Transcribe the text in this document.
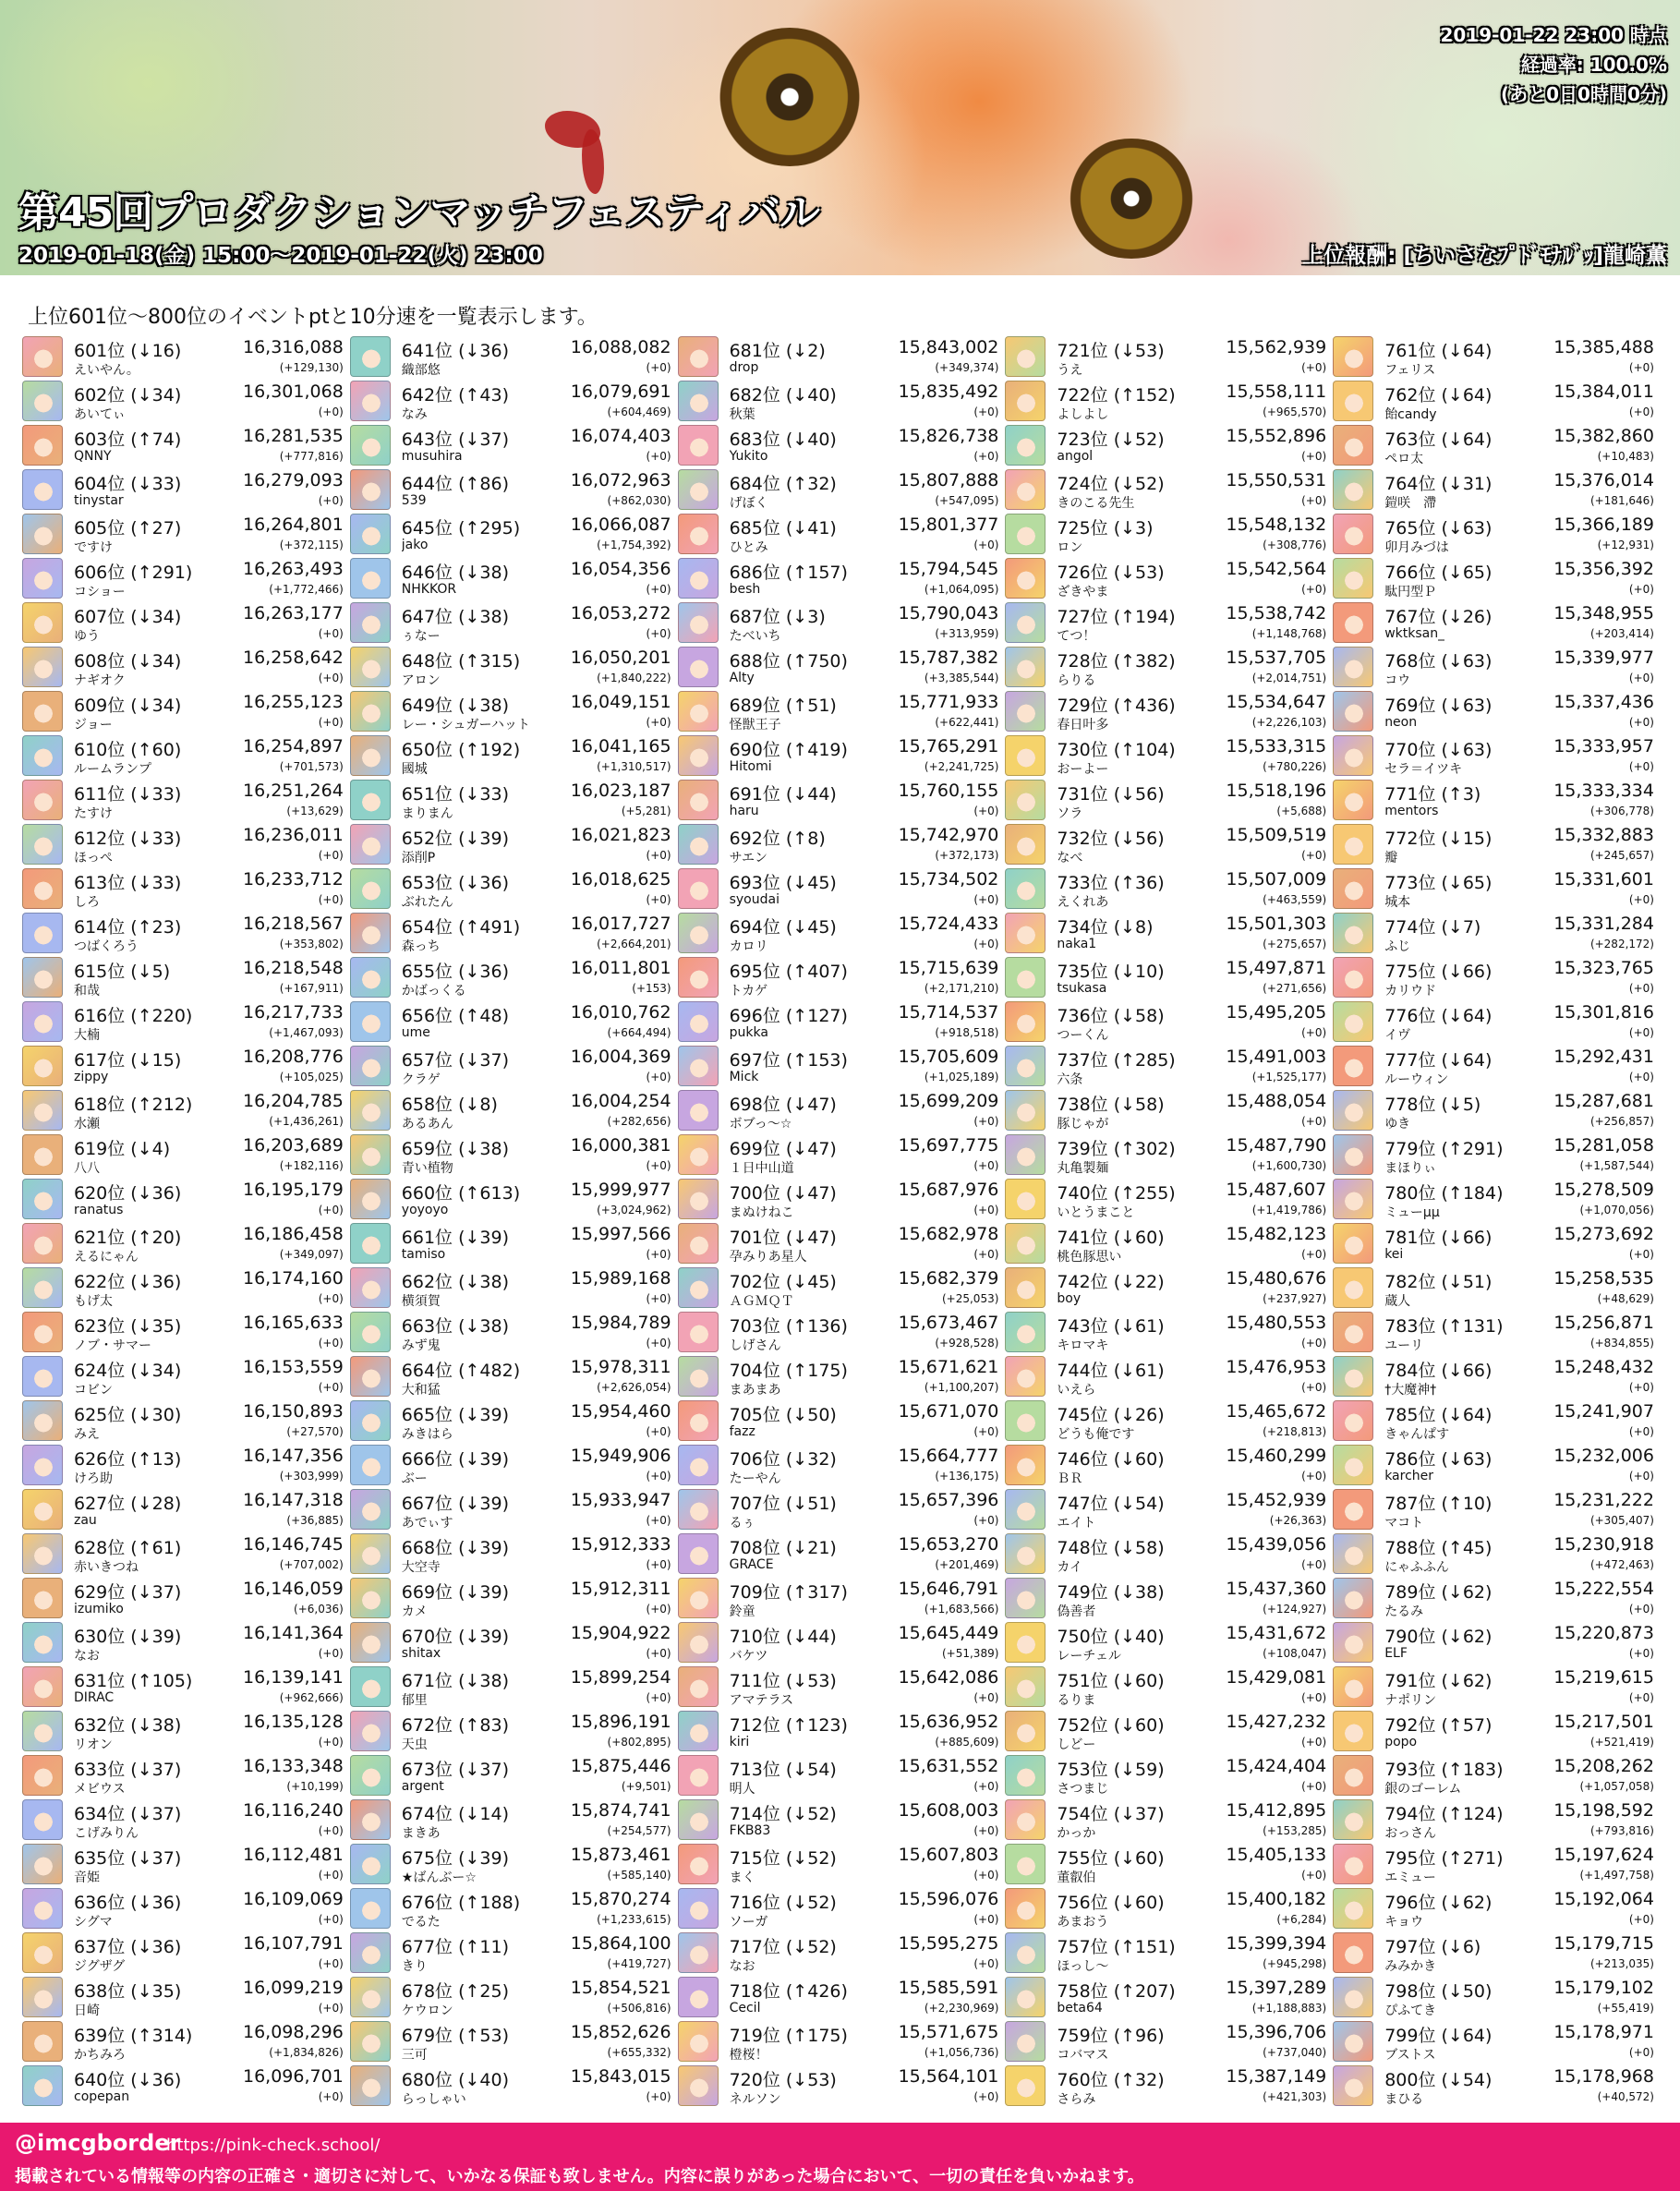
2019-01-22 23:00 時点
経過率: 100.0%
(あと0日0時間0分)
第45回プロダクションマッチフェスティバル
2019-01-18(金) 15:00～2019-01-22(火) 23:00	上位報酬: [ちいさなﾌﾟﾄﾞﾓﾅﾙﾞｯ]龍崎薫
上位601位～800位のイベントptと10分速を一覧表示します。
601位 (↓16)	16,316,088
えいやん。	(+129,130)
602位 (↓34)	16,301,068
あいてぃ	(+0)
603位 (↑74)	16,281,535
QNNY	(+777,816)
604位 (↓33)	16,279,093
tinystar	(+0)
605位 (↑27)	16,264,801
ですけ	(+372,115)
606位 (↑291)	16,263,493
コショー	(+1,772,466)
607位 (↓34)	16,263,177
ゆう	(+0)
608位 (↓34)	16,258,642
ナギオク	(+0)
609位 (↓34)	16,255,123
ジョー	(+0)
610位 (↑60)	16,254,897
ルームランプ	(+701,573)
611位 (↓33)	16,251,264
たすけ	(+13,629)
612位 (↓33)	16,236,011
ほっぺ	(+0)
613位 (↓33)	16,233,712
しろ	(+0)
614位 (↑23)	16,218,567
つばくろう	(+353,802)
615位 (↓5)	16,218,548
和哉	(+167,911)
616位 (↑220)	16,217,733
大楠	(+1,467,093)
617位 (↓15)	16,208,776
zippy	(+105,025)
618位 (↑212)	16,204,785
水瀬	(+1,436,261)
619位 (↓4)	16,203,689
八八	(+182,116)
620位 (↓36)	16,195,179
ranatus	(+0)
621位 (↑20)	16,186,458
えるにゃん	(+349,097)
622位 (↓36)	16,174,160
もげ太	(+0)
623位 (↓35)	16,165,633
ノブ・サマー	(+0)
624位 (↓34)	16,153,559
コビン	(+0)
625位 (↓30)	16,150,893
みえ	(+27,570)
626位 (↑13)	16,147,356
けろ助	(+303,999)
627位 (↓28)	16,147,318
zau	(+36,885)
628位 (↑61)	16,146,745
赤いきつね	(+707,002)
629位 (↓37)	16,146,059
izumiko	(+6,036)
630位 (↓39)	16,141,364
なお	(+0)
631位 (↑105)	16,139,141
DIRAC	(+962,666)
632位 (↓38)	16,135,128
リオン	(+0)
633位 (↓37)	16,133,348
メビウス	(+10,199)
634位 (↓37)	16,116,240
こげみりん	(+0)
635位 (↓37)	16,112,481
音姫	(+0)
636位 (↓36)	16,109,069
シグマ	(+0)
637位 (↓36)	16,107,791
ジグザグ	(+0)
638位 (↓35)	16,099,219
日崎	(+0)
639位 (↑314)	16,098,296
かちみろ	(+1,834,826)
640位 (↓36)	16,096,701
copepan	(+0)
641位 (↓36)	16,088,082
織部悠	(+0)
642位 (↑43)	16,079,691
なみ	(+604,469)
643位 (↓37)	16,074,403
musuhira	(+0)
644位 (↑86)	16,072,963
539	(+862,030)
645位 (↑295)	16,066,087
jako	(+1,754,392)
646位 (↓38)	16,054,356
NHKKOR	(+0)
647位 (↓38)	16,053,272
ぅなー	(+0)
648位 (↑315)	16,050,201
アロン	(+1,840,222)
649位 (↓38)	16,049,151
レー・シュガーハット	(+0)
650位 (↑192)	16,041,165
國城	(+1,310,517)
651位 (↓33)	16,023,187
まりまん	(+5,281)
652位 (↓39)	16,021,823
添削P	(+0)
653位 (↓36)	16,018,625
ぶれたん	(+0)
654位 (↑491)	16,017,727
森っち	(+2,664,201)
655位 (↓36)	16,011,801
かばっくる	(+153)
656位 (↑48)	16,010,762
ume	(+664,494)
657位 (↓37)	16,004,369
クラゲ	(+0)
658位 (↓8)	16,004,254
あるあん	(+282,656)
659位 (↓38)	16,000,381
青い植物	(+0)
660位 (↑613)	15,999,977
yoyoyo	(+3,024,962)
661位 (↓39)	15,997,566
tamiso	(+0)
662位 (↓38)	15,989,168
横須賀	(+0)
663位 (↓38)	15,984,789
みず鬼	(+0)
664位 (↑482)	15,978,311
大和猛	(+2,626,054)
665位 (↓39)	15,954,460
みきはら	(+0)
666位 (↓39)	15,949,906
ぶー	(+0)
667位 (↓39)	15,933,947
あでぃす	(+0)
668位 (↓39)	15,912,333
大空寺	(+0)
669位 (↓39)	15,912,311
カメ	(+0)
670位 (↓39)	15,904,922
shitax	(+0)
671位 (↓38)	15,899,254
郁里	(+0)
672位 (↑83)	15,896,191
天虫	(+802,895)
673位 (↓37)	15,875,446
argent	(+9,501)
674位 (↓14)	15,874,741
まきあ	(+254,577)
675位 (↓39)	15,873,461
★ばんぶー☆	(+585,140)
676位 (↑188)	15,870,274
でるた	(+1,233,615)
677位 (↑11)	15,864,100
きり	(+419,727)
678位 (↑25)	15,854,521
ケウロン	(+506,816)
679位 (↑53)	15,852,626
三可	(+655,332)
680位 (↓40)	15,843,015
らっしゃい	(+0)
681位 (↓2)	15,843,002
drop	(+349,374)
682位 (↓40)	15,835,492
秋葉	(+0)
683位 (↓40)	15,826,738
Yukito	(+0)
684位 (↑32)	15,807,888
げぼく	(+547,095)
685位 (↓41)	15,801,377
ひとみ	(+0)
686位 (↑157)	15,794,545
besh	(+1,064,095)
687位 (↓3)	15,790,043
たべいち	(+313,959)
688位 (↑750)	15,787,382
Alty	(+3,385,544)
689位 (↑51)	15,771,933
怪獣王子	(+622,441)
690位 (↑419)	15,765,291
Hitomi	(+2,241,725)
691位 (↓44)	15,760,155
haru	(+0)
692位 (↑8)	15,742,970
サエン	(+372,173)
693位 (↓45)	15,734,502
syoudai	(+0)
694位 (↓45)	15,724,433
カロリ	(+0)
695位 (↑407)	15,715,639
トカゲ	(+2,171,210)
696位 (↑127)	15,714,537
pukka	(+918,518)
697位 (↑153)	15,705,609
Mick	(+1,025,189)
698位 (↓47)	15,699,209
ボブっ〜☆	(+0)
699位 (↓47)	15,697,775
１日中山道	(+0)
700位 (↓47)	15,687,976
まぬけねこ	(+0)
701位 (↓47)	15,682,978
孕みりあ星人	(+0)
702位 (↓45)	15,682,379
ＡＧＭＱＴ	(+25,053)
703位 (↑136)	15,673,467
しげさん	(+928,528)
704位 (↑175)	15,671,621
まあまあ	(+1,100,207)
705位 (↓50)	15,671,070
fazz	(+0)
706位 (↓32)	15,664,777
たーやん	(+136,175)
707位 (↓51)	15,657,396
るぅ	(+0)
708位 (↓21)	15,653,270
GRACE	(+201,469)
709位 (↑317)	15,646,791
鈴童	(+1,683,566)
710位 (↓44)	15,645,449
バケツ	(+51,389)
711位 (↓53)	15,642,086
アマテラス	(+0)
712位 (↑123)	15,636,952
kiri	(+885,609)
713位 (↓54)	15,631,552
明人	(+0)
714位 (↓52)	15,608,003
FKB83	(+0)
715位 (↓52)	15,607,803
まく	(+0)
716位 (↓52)	15,596,076
ソーガ	(+0)
717位 (↓52)	15,595,275
なお	(+0)
718位 (↑426)	15,585,591
Cecil	(+2,230,969)
719位 (↑175)	15,571,675
橙桜！	(+1,056,736)
720位 (↓53)	15,564,101
ネルソン	(+0)
721位 (↓53)	15,562,939
うえ	(+0)
722位 (↑152)	15,558,111
よしよし	(+965,570)
723位 (↓52)	15,552,896
angol	(+0)
724位 (↓52)	15,550,531
きのこる先生	(+0)
725位 (↓3)	15,548,132
ロン	(+308,776)
726位 (↓53)	15,542,564
ざきやま	(+0)
727位 (↑194)	15,538,742
てつ！	(+1,148,768)
728位 (↑382)	15,537,705
らりる	(+2,014,751)
729位 (↑436)	15,534,647
春日叶多	(+2,226,103)
730位 (↑104)	15,533,315
おーよー	(+780,226)
731位 (↓56)	15,518,196
ソラ	(+5,688)
732位 (↓56)	15,509,519
なべ	(+0)
733位 (↑36)	15,507,009
えくれあ	(+463,559)
734位 (↓8)	15,501,303
naka1	(+275,657)
735位 (↓10)	15,497,871
tsukasa	(+271,656)
736位 (↓58)	15,495,205
つーくん	(+0)
737位 (↑285)	15,491,003
六条	(+1,525,177)
738位 (↓58)	15,488,054
豚じゃが	(+0)
739位 (↑302)	15,487,790
丸亀製麺	(+1,600,730)
740位 (↑255)	15,487,607
いとうまこと	(+1,419,786)
741位 (↓60)	15,482,123
桃色豚思い	(+0)
742位 (↓22)	15,480,676
boy	(+237,927)
743位 (↓61)	15,480,553
キロマキ	(+0)
744位 (↓61)	15,476,953
いえら	(+0)
745位 (↓26)	15,465,672
どうも俺です	(+218,813)
746位 (↓60)	15,460,299
ＢＲ	(+0)
747位 (↓54)	15,452,939
エイト	(+26,363)
748位 (↓58)	15,439,056
カイ	(+0)
749位 (↓38)	15,437,360
偽善者	(+124,927)
750位 (↓40)	15,431,672
レーチェル	(+108,047)
751位 (↓60)	15,429,081
るりま	(+0)
752位 (↓60)	15,427,232
しどー	(+0)
753位 (↓59)	15,424,404
さつまじ	(+0)
754位 (↓37)	15,412,895
かっか	(+153,285)
755位 (↓60)	15,405,133
董叡伯	(+0)
756位 (↓60)	15,400,182
あまおう	(+6,284)
757位 (↑151)	15,399,394
ほっし〜	(+945,298)
758位 (↑207)	15,397,289
beta64	(+1,188,883)
759位 (↑96)	15,396,706
コバマス	(+737,040)
760位 (↑32)	15,387,149
さらみ	(+421,303)
761位 (↓64)	15,385,488
フェリス	(+0)
762位 (↓64)	15,384,011
飴candy	(+0)
763位 (↓64)	15,382,860
ペロ太	(+10,483)
764位 (↓31)	15,376,014
鎧咲　滯	(+181,646)
765位 (↓63)	15,366,189
卯月みづは	(+12,931)
766位 (↓65)	15,356,392
駄円型Ｐ	(+0)
767位 (↓26)	15,348,955
wktksan_	(+203,414)
768位 (↓63)	15,339,977
コウ	(+0)
769位 (↓63)	15,337,436
neon	(+0)
770位 (↓63)	15,333,957
セラ＝イツキ	(+0)
771位 (↑3)	15,333,334
mentors	(+306,778)
772位 (↓15)	15,332,883
瓣	(+245,657)
773位 (↓65)	15,331,601
城本	(+0)
774位 (↓7)	15,331,284
ふじ	(+282,172)
775位 (↓66)	15,323,765
カリウド	(+0)
776位 (↓64)	15,301,816
イヴ	(+0)
777位 (↓64)	15,292,431
ルーウィン	(+0)
778位 (↓5)	15,287,681
ゆき	(+256,857)
779位 (↑291)	15,281,058
まほりぃ	(+1,587,544)
780位 (↑184)	15,278,509
ミューµµ	(+1,070,056)
781位 (↓66)	15,273,692
kei	(+0)
782位 (↓51)	15,258,535
蔵人	(+48,629)
783位 (↑131)	15,256,871
ユーリ	(+834,855)
784位 (↓66)	15,248,432
†大魔神†	(+0)
785位 (↓64)	15,241,907
きゃんぱす	(+0)
786位 (↓63)	15,232,006
karcher	(+0)
787位 (↑10)	15,231,222
マコト	(+305,407)
788位 (↑45)	15,230,918
にゃふふん	(+472,463)
789位 (↓62)	15,222,554
たるみ	(+0)
790位 (↓62)	15,220,873
ELF	(+0)
791位 (↓62)	15,219,615
ナポリン	(+0)
792位 (↑57)	15,217,501
popo	(+521,419)
793位 (↑183)	15,208,262
銀のゴーレム	(+1,057,058)
794位 (↑124)	15,198,592
おっさん	(+793,816)
795位 (↑271)	15,197,624
エミュー	(+1,497,758)
796位 (↓62)	15,192,064
キョウ	(+0)
797位 (↓6)	15,179,715
みみかき	(+213,035)
798位 (↓50)	15,179,102
ぴふてき	(+55,419)
799位 (↓64)	15,178,971
ブストス	(+0)
800位 (↓54)	15,178,968
まひる	(+40,572)
@imcgborder
https://pink-check.school/
掲載されている情報等の内容の正確さ・適切さに対して、いかなる保証も致しません。内容に誤りがあった場合において、一切の責任を負いかねます。
